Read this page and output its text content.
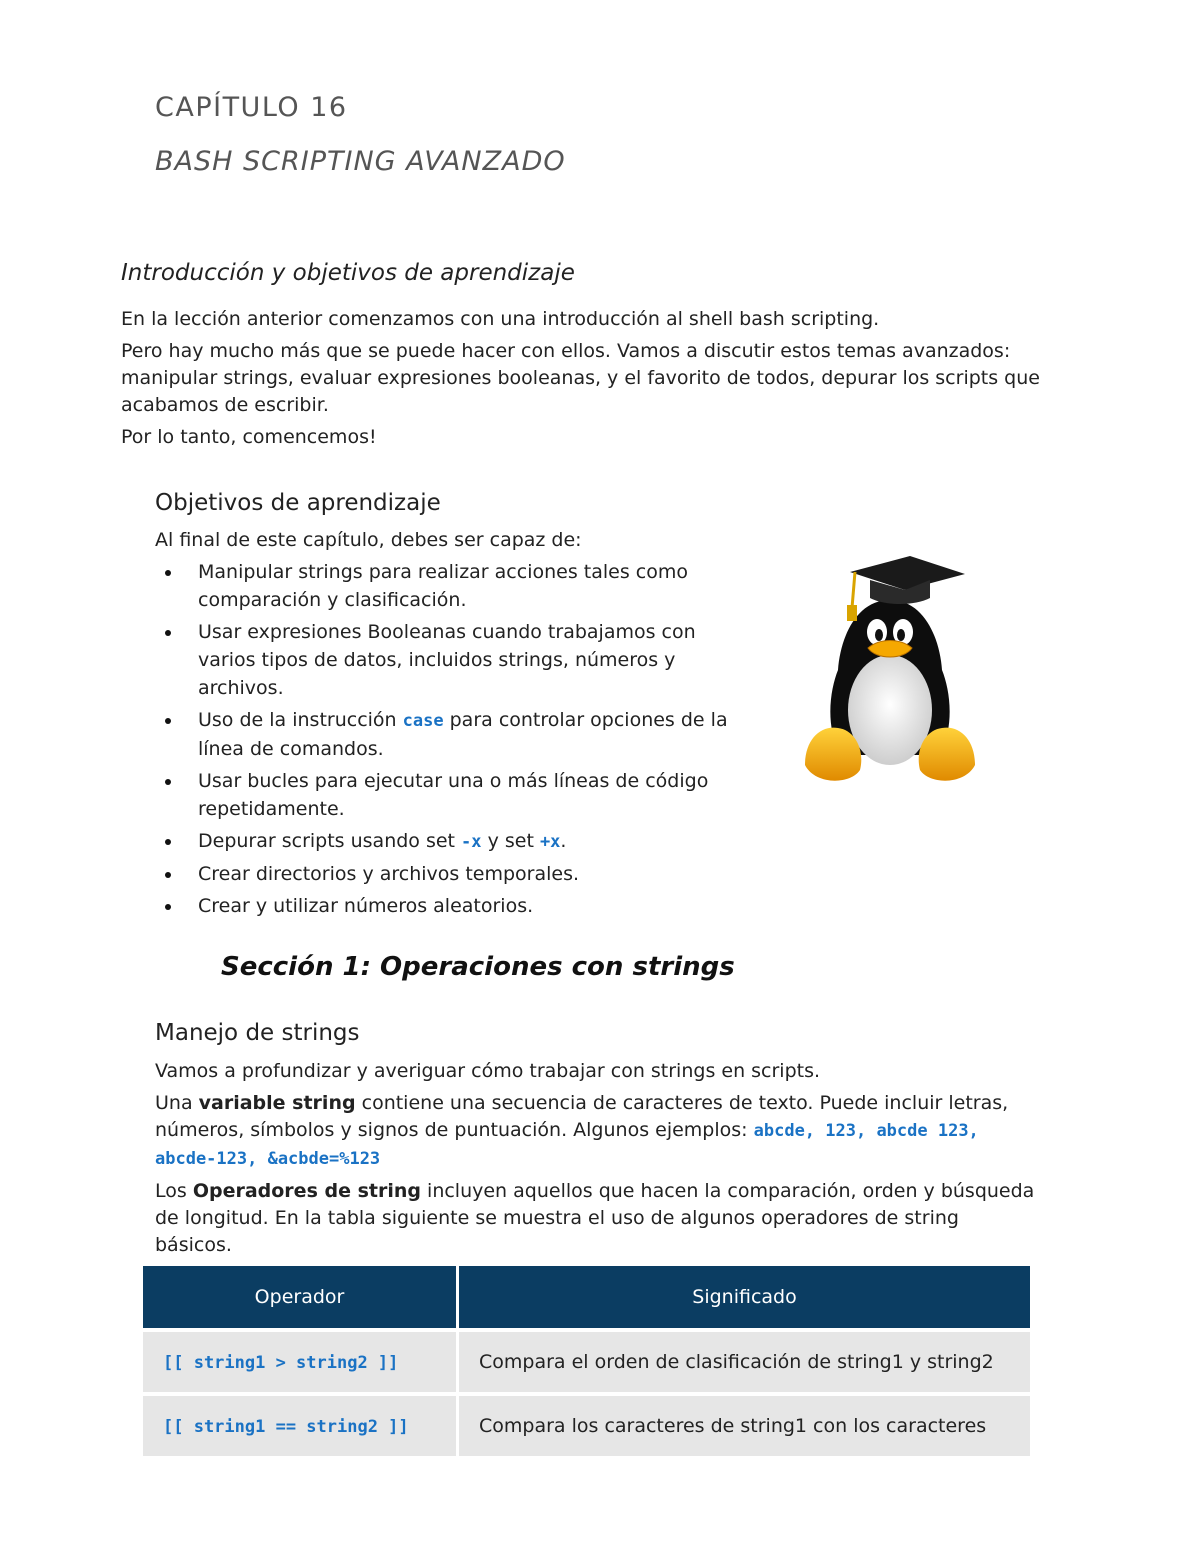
CAPÍTULO 16
BASH SCRIPTING AVANZADO
Introducción y objetivos de aprendizaje

En la lección anterior comenzamos con una introducción al shell bash scripting.

Pero hay mucho más que se puede hacer con ellos. Vamos a discutir estos temas avanzados: manipular strings, evaluar expresiones booleanas, y el favorito de todos, depurar los scripts que acabamos de escribir.

Por lo tanto, comencemos!

Objetivos de aprendizaje
Al final de este capítulo, debes ser capaz de:
Manipular strings para realizar acciones tales como comparación y clasificación.
Usar expresiones Booleanas cuando trabajamos con varios tipos de datos, incluidos strings, números y archivos.
Uso de la instrucción case para controlar opciones de la línea de comandos.
Usar bucles para ejecutar una o más líneas de código repetidamente.
Depurar scripts usando set -x y set +x.
Crear directorios y archivos temporales.
Crear y utilizar números aleatorios.
Sección 1: Operaciones con strings
Manejo de strings

Vamos a profundizar y averiguar cómo trabajar con strings en scripts.

Una variable string contiene una secuencia de caracteres de texto. Puede incluir letras, números, símbolos y signos de puntuación. Algunos ejemplos: abcde, 123, abcde 123, abcde-123, &acbde=%123

Los Operadores de string incluyen aquellos que hacen la comparación, orden y búsqueda de longitud. En la tabla siguiente se muestra el uso de algunos operadores de string básicos.

Operador	Significado
[[ string1 > string2 ]]	Compara el orden de clasificación de string1 y string2
[[ string1 == string2 ]]	Compara los caracteres de string1 con los caracteres
